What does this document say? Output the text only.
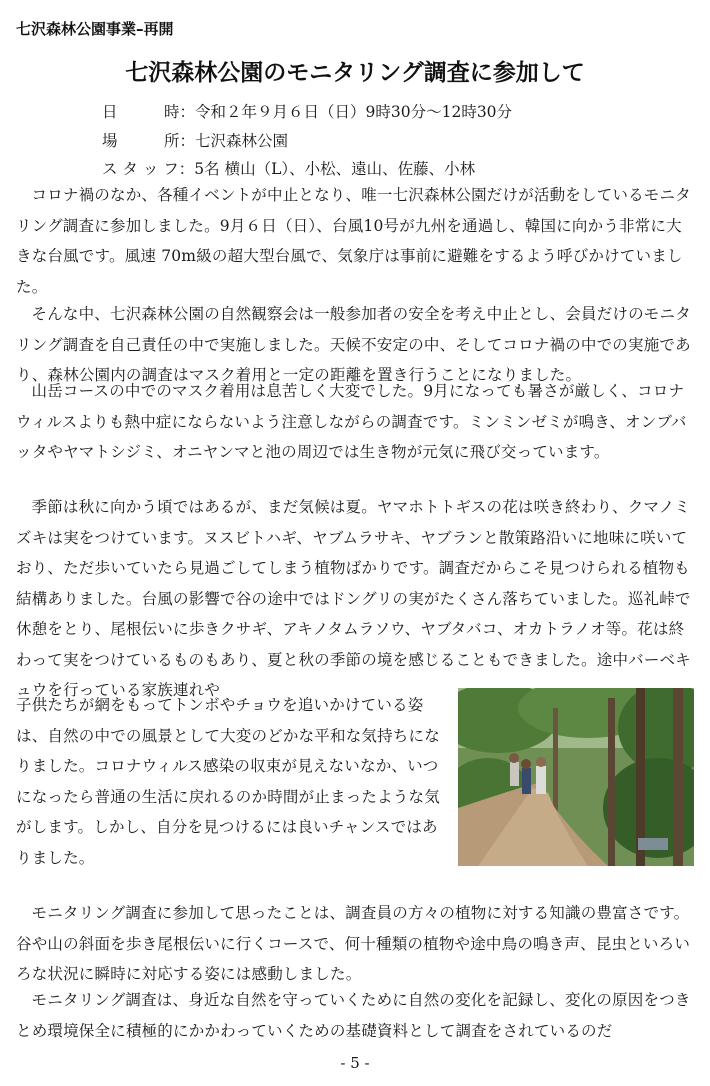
七沢森林公園事業–再開
七沢森林公園のモニタリング調査に参加して
日　　　時：令和２年９月６日（日）9時30分～12時30分
場　　　所：七沢森林公園
ス タ ッ フ：5名 横山（L）、小松、遠山、佐藤、小林

コロナ禍のなか、各種イベントが中止となり、唯一七沢森林公園だけが活動をしているモニタリング調査に参加しました。9月６日（日）、台風10号が九州を通過し、韓国に向かう非常に大きな台風です。風速 70m級の超大型台風で、気象庁は事前に避難をするよう呼びかけていました。

そんな中、七沢森林公園の自然観察会は一般参加者の安全を考え中止とし、会員だけのモニタリング調査を自己責任の中で実施しました。天候不安定の中、そしてコロナ禍の中での実施であり、森林公園内の調査はマスク着用と一定の距離を置き行うことになりました。

山岳コースの中でのマスク着用は息苦しく大変でした。9月になっても暑さが厳しく、コロナウィルスよりも熱中症にならないよう注意しながらの調査です。ミンミンゼミが鳴き、オンブバッタやヤマトシジミ、オニヤンマと池の周辺では生き物が元気に飛び交っています。

季節は秋に向かう頃ではあるが、まだ気候は夏。ヤマホトトギスの花は咲き終わり、クマノミズキは実をつけています。ヌスビトハギ、ヤブムラサキ、ヤブランと散策路沿いに地味に咲いており、ただ歩いていたら見過ごしてしまう植物ばかりです。調査だからこそ見つけられる植物も結構ありました。台風の影響で谷の途中ではドングリの実がたくさん落ちていました。巡礼峠で休憩をとり、尾根伝いに歩きクサギ、アキノタムラソウ、ヤブタバコ、オカトラノオ等。花は終わって実をつけているものもあり、夏と秋の季節の境を感じることもできました。途中バーベキュウを行っている家族連れや

子供たちが網をもってトンボやチョウを追いかけている姿は、自然の中での風景として大変のどかな平和な気持ちになりました。コロナウィルス感染の収束が見えないなか、いつになったら普通の生活に戻れるのか時間が止まったような気がします。しかし、自分を見つけるには良いチャンスではありました。

モニタリング調査に参加して思ったことは、調査員の方々の植物に対する知識の豊富さです。谷や山の斜面を歩き尾根伝いに行くコースで、何十種類の植物や途中鳥の鳴き声、昆虫といろいろな状況に瞬時に対応する姿には感動しました。

モニタリング調査は、身近な自然を守っていくために自然の変化を記録し、変化の原因をつきとめ環境保全に積極的にかかわっていくための基礎資料として調査をされているのだ

- 5 -
